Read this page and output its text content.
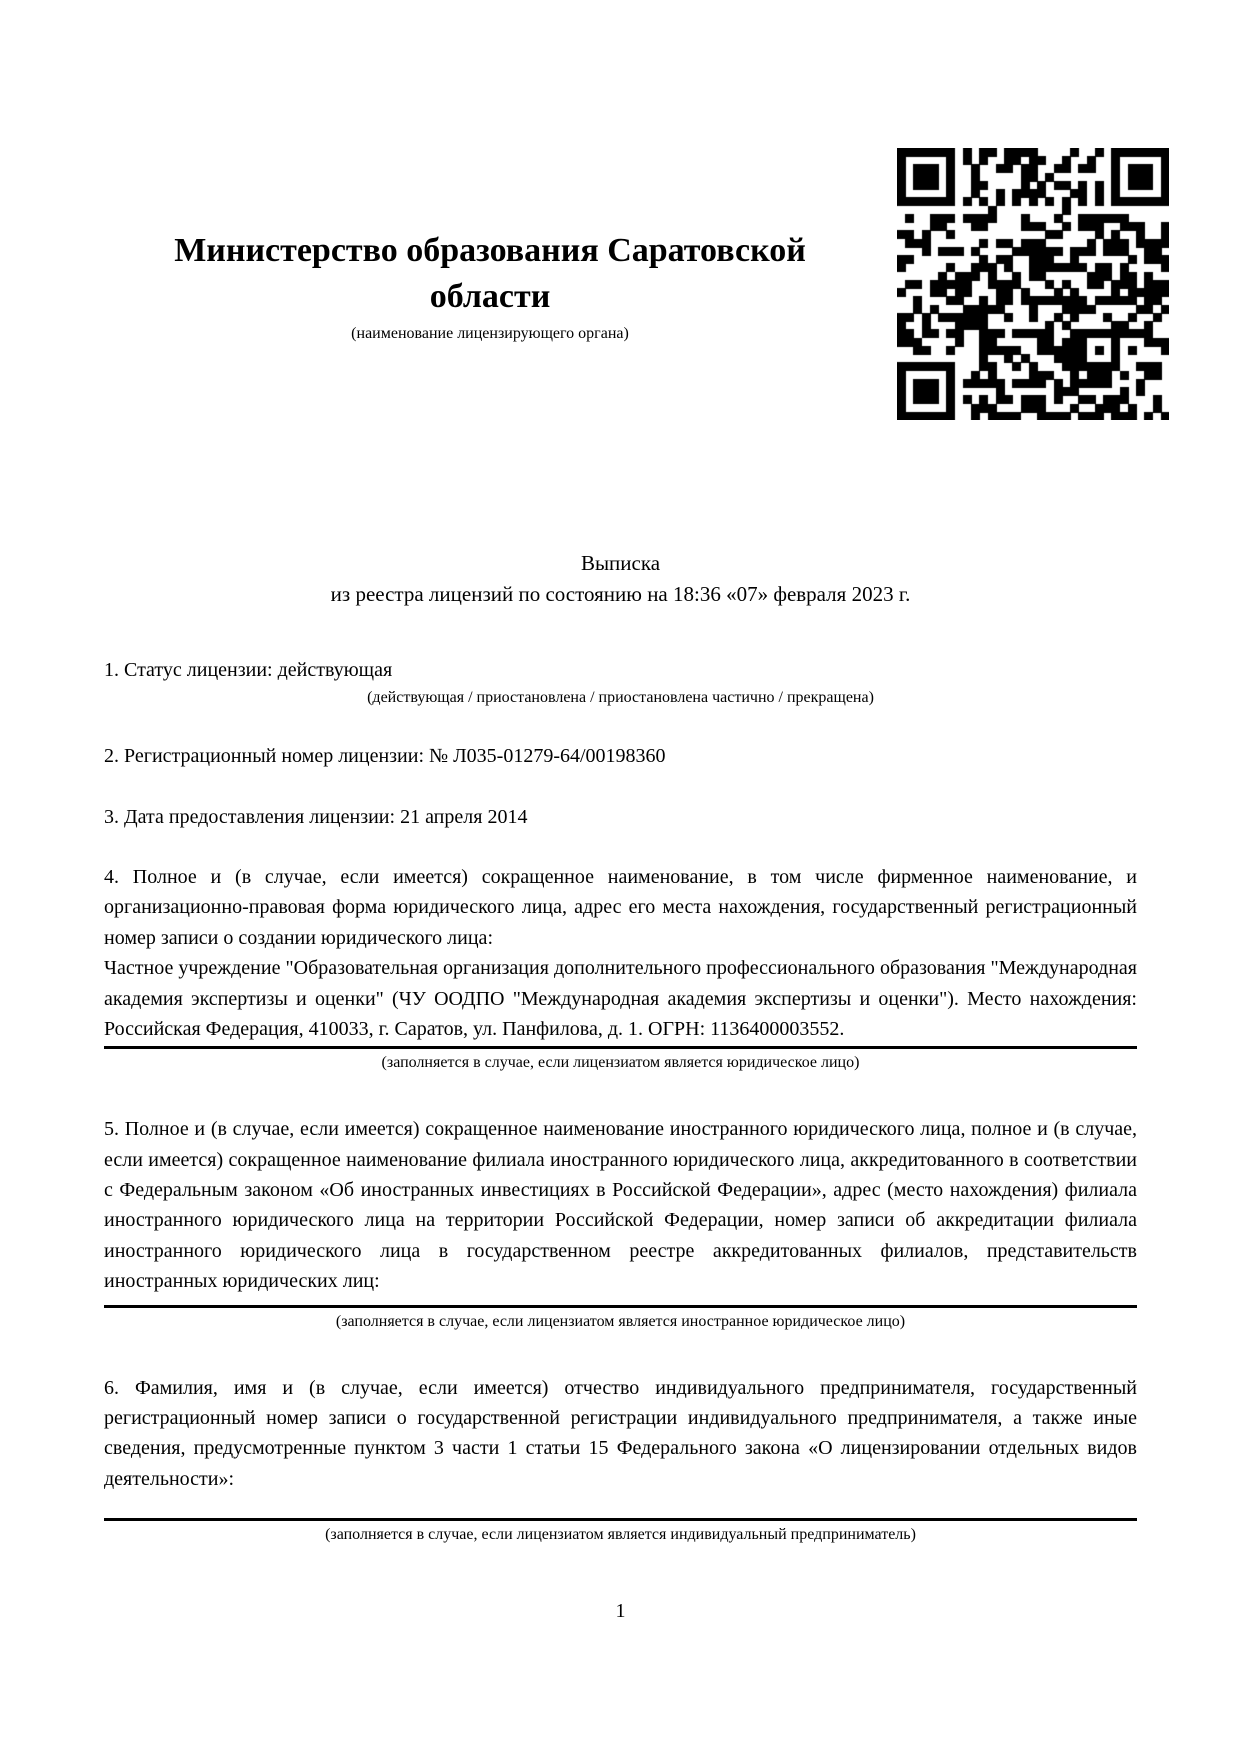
Министерство образования Саратовской
области
(наименование лицензирующего органа)
Выписка
из реестра лицензий по состоянию на 18:36 «07» февраля 2023 г.

1. Статус лицензии: действующая

(действующая / приостановлена / приостановлена частично / прекращена)

2. Регистрационный номер лицензии: № Л035-01279-64/00198360

3. Дата предоставления лицензии: 21 апреля 2014

4. Полное и (в случае, если имеется) сокращенное наименование, в том числе фирменное наименование, и организационно-правовая форма юридического лица, адрес его места нахождения, государственный регистрационный номер записи о создании юридического лица:

Частное учреждение "Образовательная организация дополнительного профессионального образования "Международная академия экспертизы и оценки" (ЧУ ООДПО "Международная академия экспертизы и оценки"). Место нахождения: Российская Федерация, 410033, г. Саратов, ул. Панфилова, д. 1. ОГРН: 1136400003552.

(заполняется в случае, если лицензиатом является юридическое лицо)

5. Полное и (в случае, если имеется) сокращенное наименование иностранного юридического лица, полное и (в случае, если имеется) сокращенное наименование филиала иностранного юридического лица, аккредитованного в соответствии с Федеральным законом «Об иностранных инвестициях в Российской Федерации», адрес (место нахождения) филиала иностранного юридического лица на территории Российской Федерации, номер записи об аккредитации филиала иностранного юридического лица в государственном реестре аккредитованных филиалов, представительств иностранных юридических лиц:

(заполняется в случае, если лицензиатом является иностранное юридическое лицо)

6. Фамилия, имя и (в случае, если имеется) отчество индивидуального предпринимателя, государственный регистрационный номер записи о государственной регистрации индивидуального предпринимателя, а также иные сведения, предусмотренные пунктом 3 части 1 статьи 15 Федерального закона «О лицензировании отдельных видов деятельности»:

(заполняется в случае, если лицензиатом является индивидуальный предприниматель)

1
